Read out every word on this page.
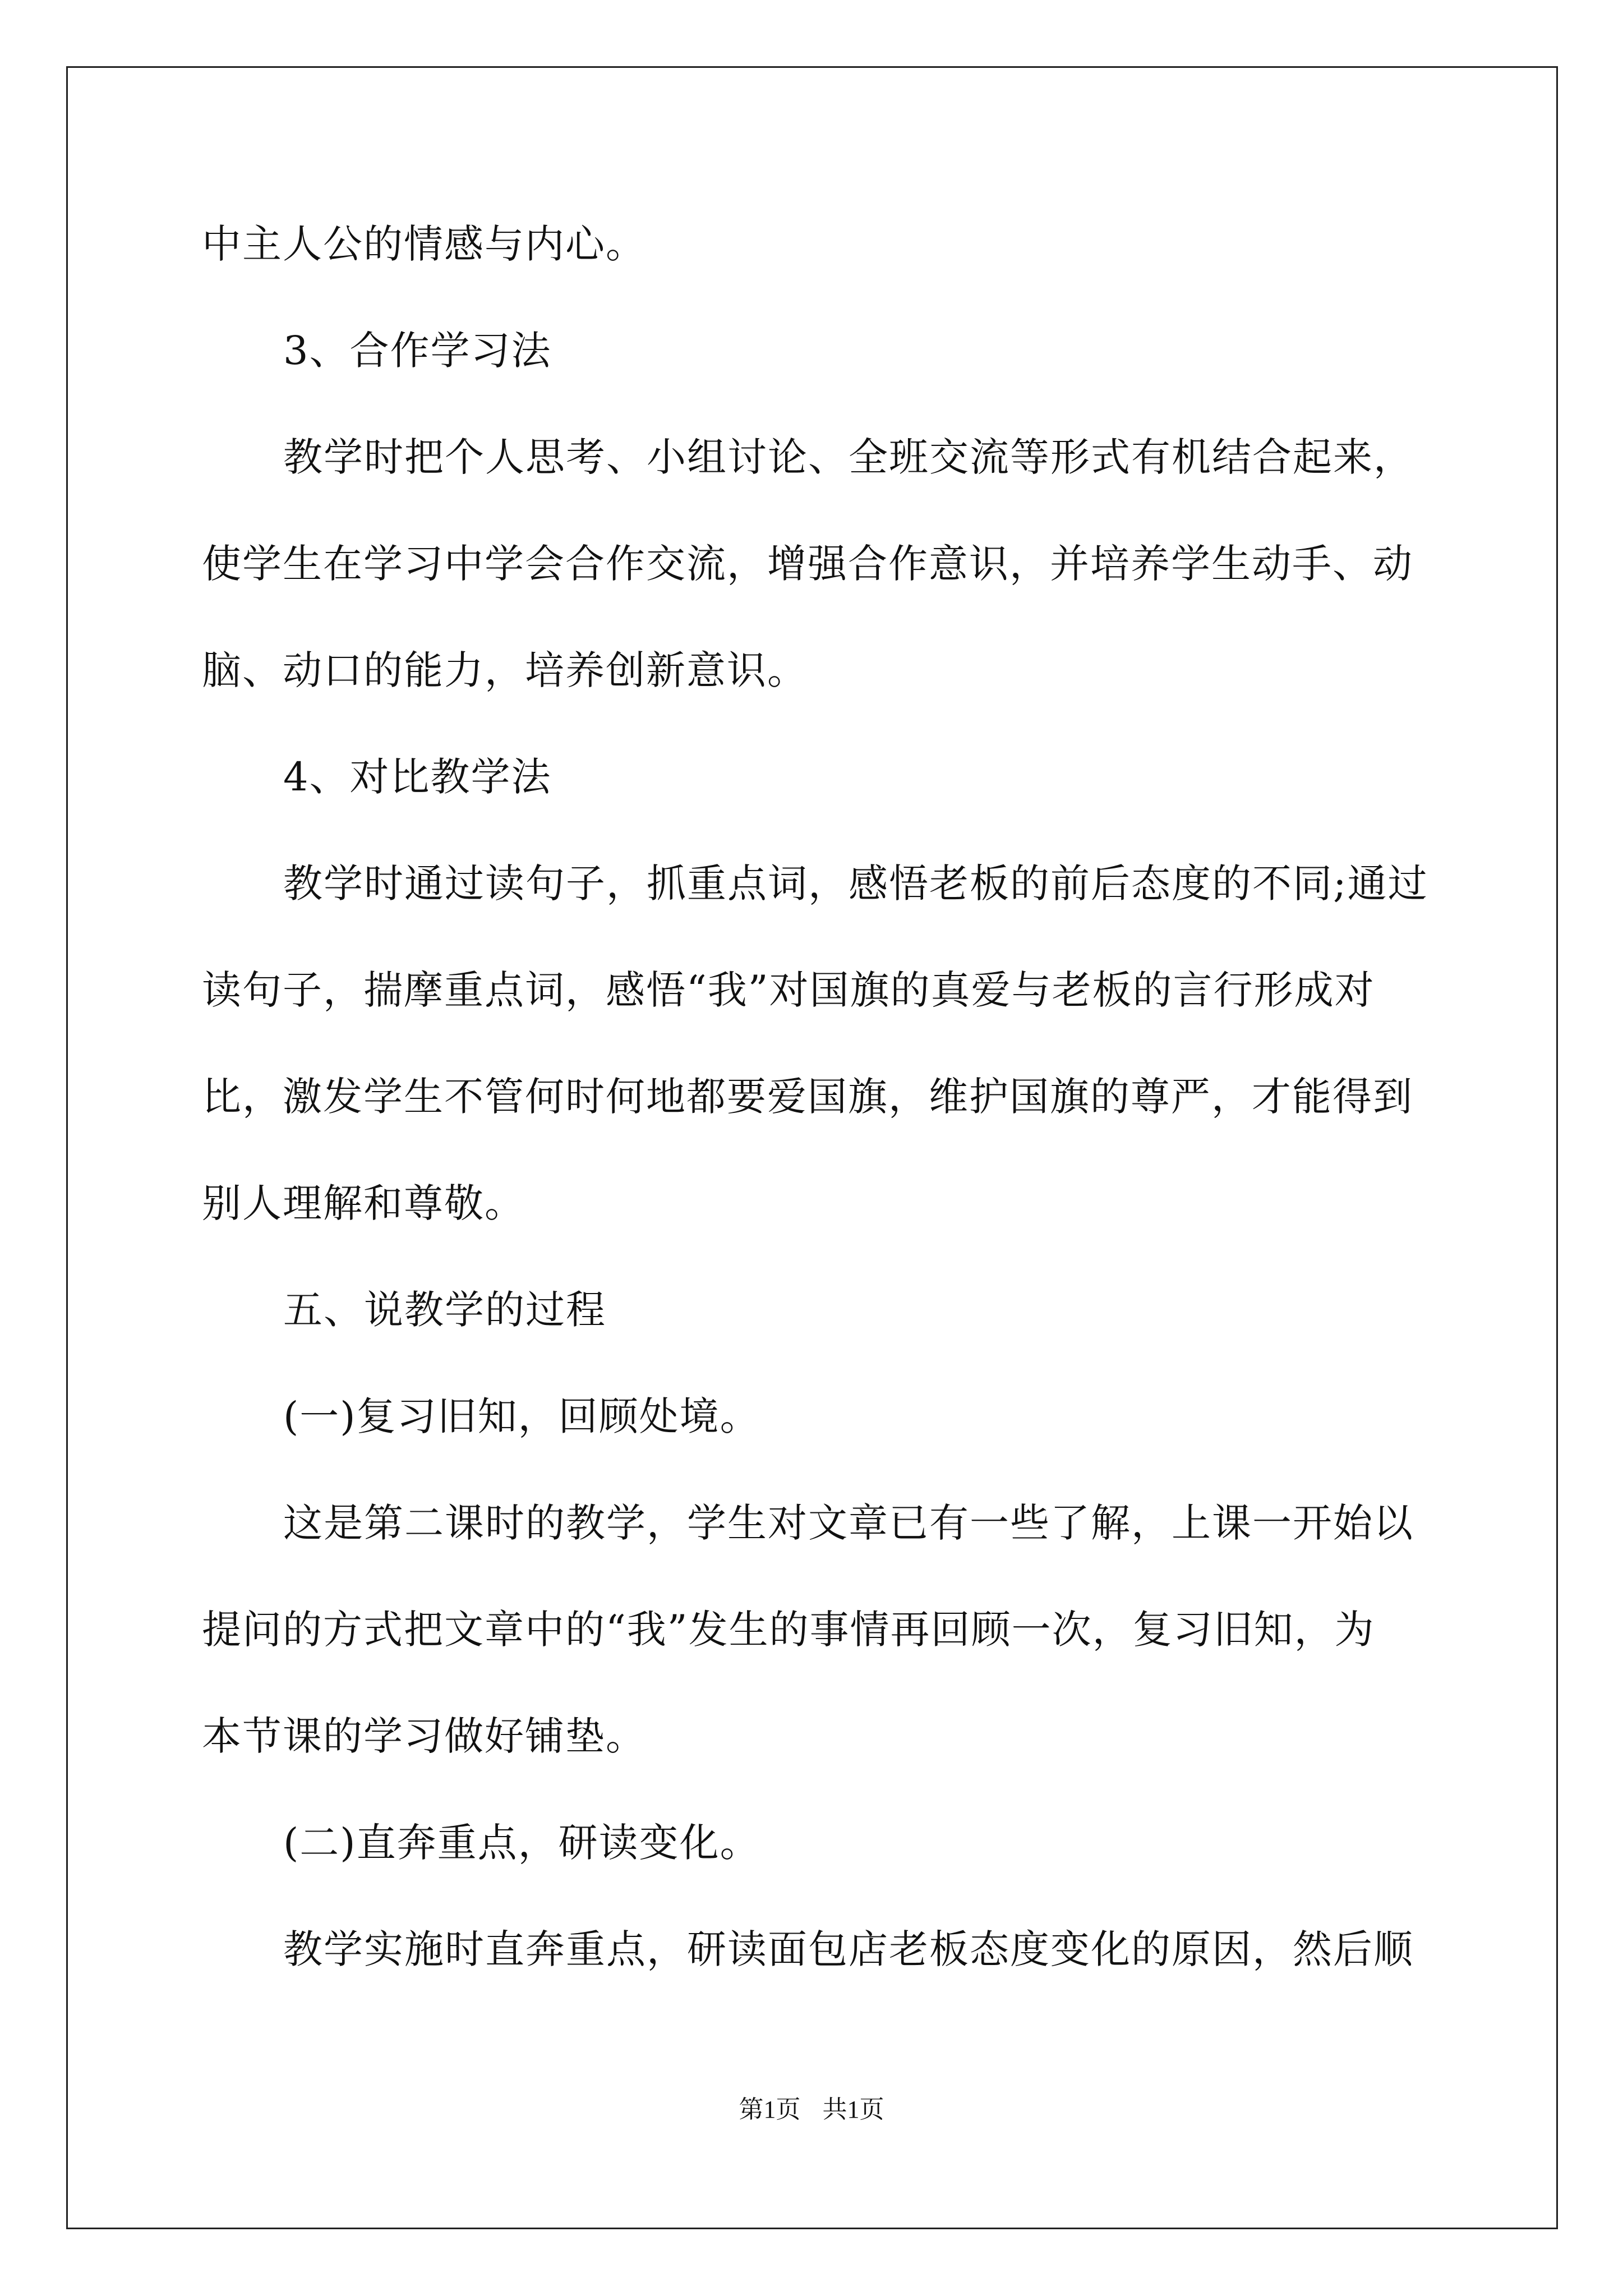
中主人公的情感与内心。
3、合作学习法
教学时把个人思考、小组讨论、全班交流等形式有机结合起来，
使学生在学习中学会合作交流，增强合作意识，并培养学生动手、动
脑、动口的能力，培养创新意识。
4、对比教学法
教学时通过读句子，抓重点词，感悟老板的前后态度的不同;通过
读句子，揣摩重点词，感悟“我”对国旗的真爱与老板的言行形成对
比，激发学生不管何时何地都要爱国旗，维护国旗的尊严，才能得到
别人理解和尊敬。
五、说教学的过程
(一)复习旧知，回顾处境。
这是第二课时的教学，学生对文章已有一些了解，上课一开始以
提问的方式把文章中的“我”发生的事情再回顾一次，复习旧知，为
本节课的学习做好铺垫。
(二)直奔重点，研读变化。
教学实施时直奔重点，研读面包店老板态度变化的原因，然后顺
第1页 共1页
